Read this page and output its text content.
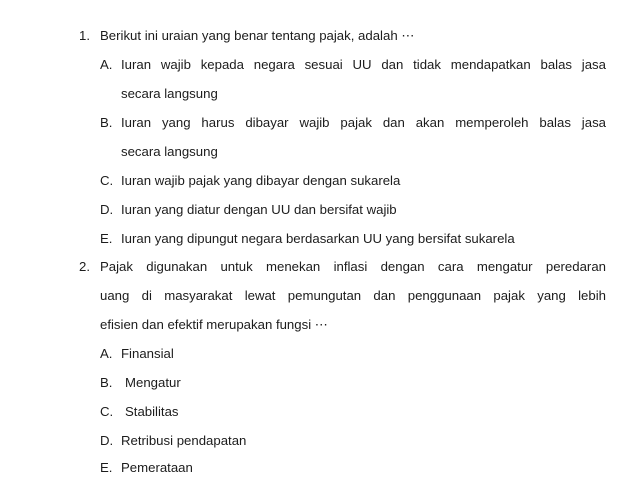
1. Berikut ini uraian yang benar tentang pajak, adalah ⋯
A. Iuran wajib kepada negara sesuai UU dan tidak mendapatkan balas jasa
secara langsung
B. Iuran yang harus dibayar wajib pajak dan akan memperoleh balas jasa
secara langsung
C. Iuran wajib pajak yang dibayar dengan sukarela
D. Iuran yang diatur dengan UU dan bersifat wajib
E. Iuran yang dipungut negara berdasarkan UU yang bersifat sukarela
2. Pajak digunakan untuk menekan inflasi dengan cara mengatur peredaran
uang di masyarakat lewat pemungutan dan penggunaan pajak yang lebih
efisien dan efektif merupakan fungsi ⋯
A. Finansial
B. Mengatur
C. Stabilitas
D. Retribusi pendapatan
E. Pemerataan
